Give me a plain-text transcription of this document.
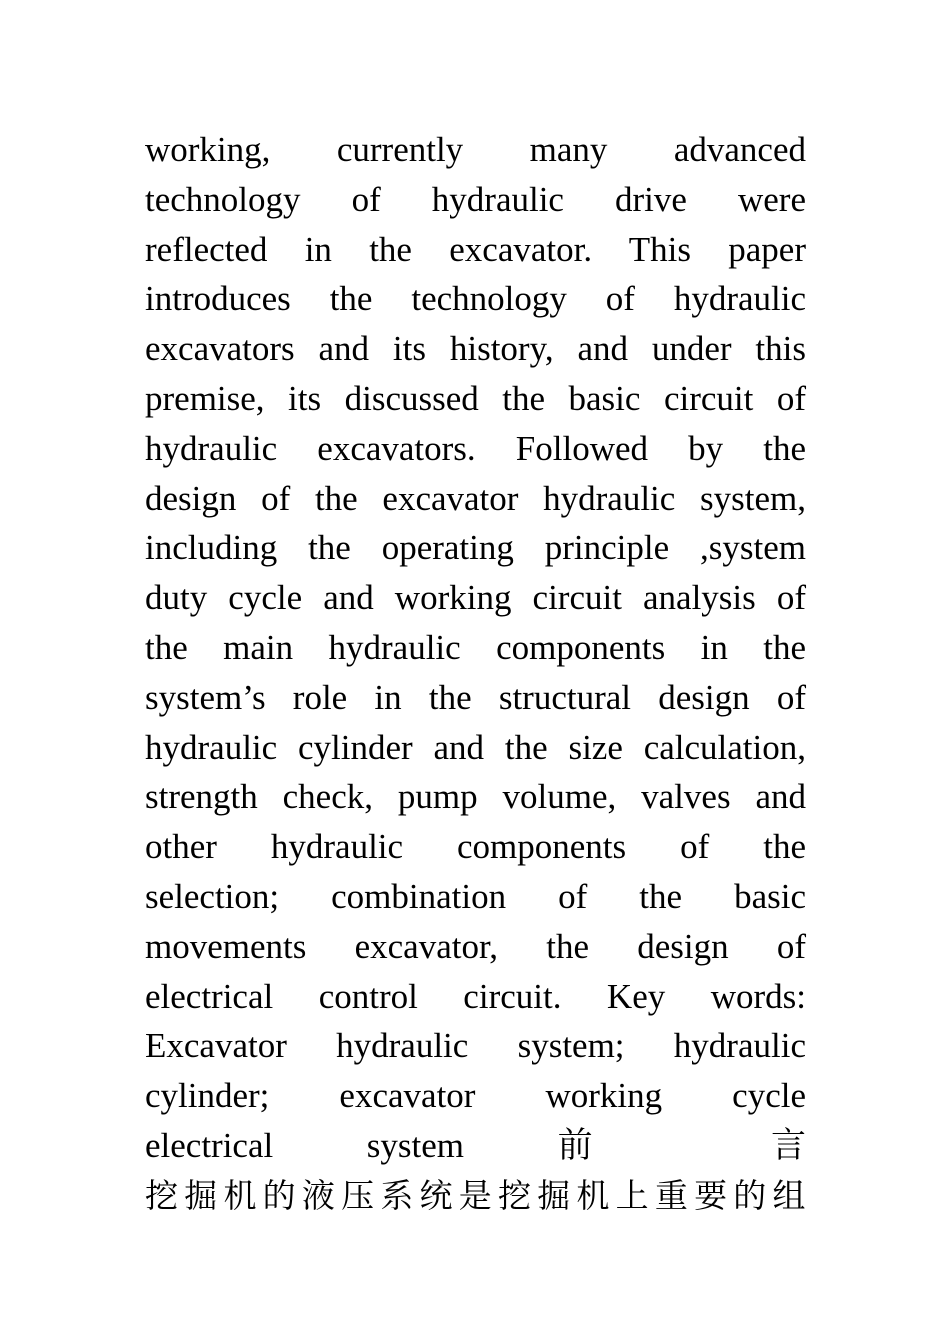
working, currently many advanced
technology of hydraulic drive were
reflected in the excavator. This paper
introduces the technology of hydraulic
excavators and its history, and under this
premise, its discussed the basic circuit of
hydraulic excavators. Followed by the
design of the excavator hydraulic system,
including the operating principle ,system
duty cycle and working circuit analysis of
the main hydraulic components in the
system’s role in the structural design of
hydraulic cylinder and the size calculation,
strength check, pump volume, valves and
other hydraulic components of the
selection; combination of the basic
movements excavator, the design of
electrical control circuit. Key words:
Excavator hydraulic system; hydraulic
cylinder; excavator working cycle
electrical system 前 言
挖掘机的液压系统是挖掘机上重要的组
